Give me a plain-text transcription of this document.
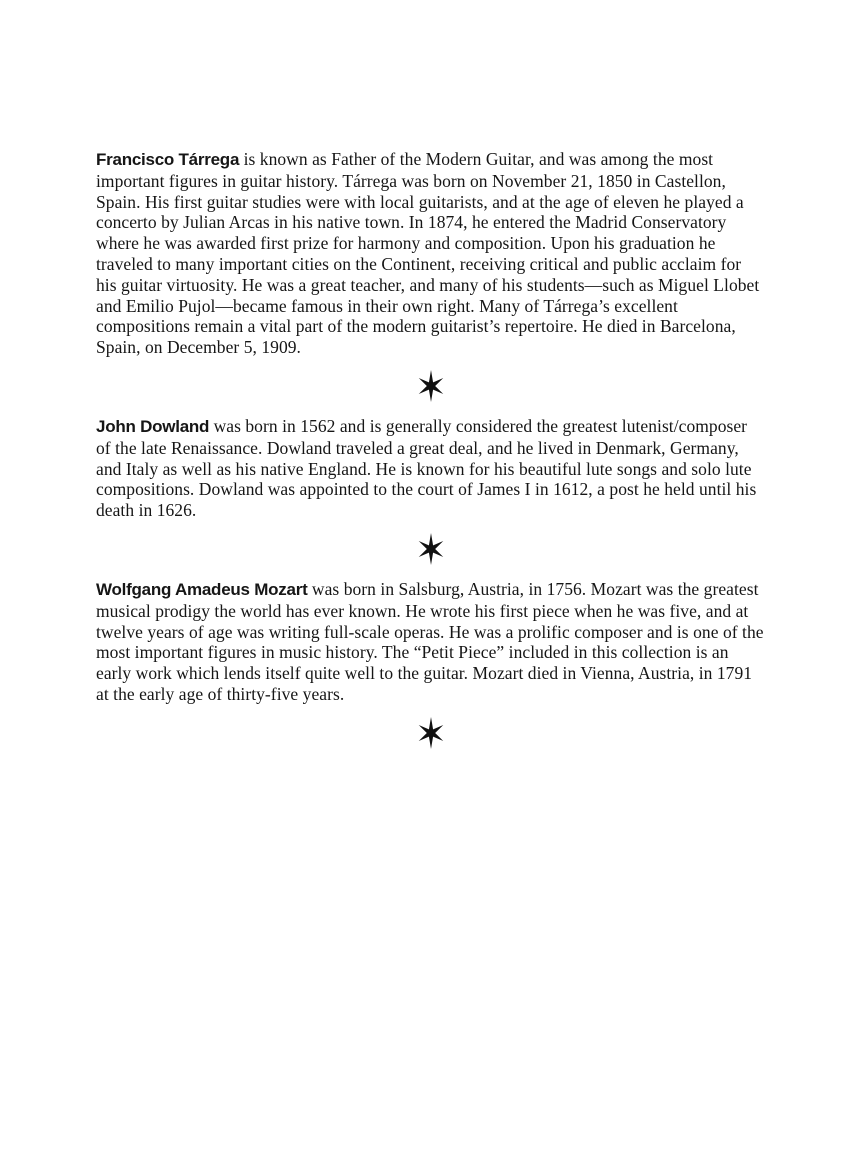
Francisco Tárrega is known as Father of the Modern Guitar, and was among the most important figures in guitar history. Tárrega was born on November 21, 1850 in Castellon, Spain. His first guitar studies were with local guitarists, and at the age of eleven he played a concerto by Julian Arcas in his native town. In 1874, he entered the Madrid Conservatory where he was awarded first prize for harmony and composition. Upon his graduation he traveled to many important cities on the Continent, receiving critical and public acclaim for his guitar virtuosity. He was a great teacher, and many of his students—such as Miguel Llobet and Emilio Pujol—became famous in their own right. Many of Tárrega’s excellent compositions remain a vital part of the modern guitarist’s repertoire. He died in Barcelona, Spain, on December 5, 1909.

John Dowland was born in 1562 and is generally considered the greatest lutenist/composer of the late Renaissance. Dowland traveled a great deal, and he lived in Denmark, Germany, and Italy as well as his native England. He is known for his beautiful lute songs and solo lute compositions. Dowland was appointed to the court of James I in 1612, a post he held until his death in 1626.

Wolfgang Amadeus Mozart was born in Salsburg, Austria, in 1756. Mozart was the greatest musical prodigy the world has ever known. He wrote his first piece when he was five, and at twelve years of age was writing full-scale operas. He was a prolific composer and is one of the most important figures in music history. The “Petit Piece” included in this collection is an early work which lends itself quite well to the guitar. Mozart died in Vienna, Austria, in 1791 at the early age of thirty-five years.
